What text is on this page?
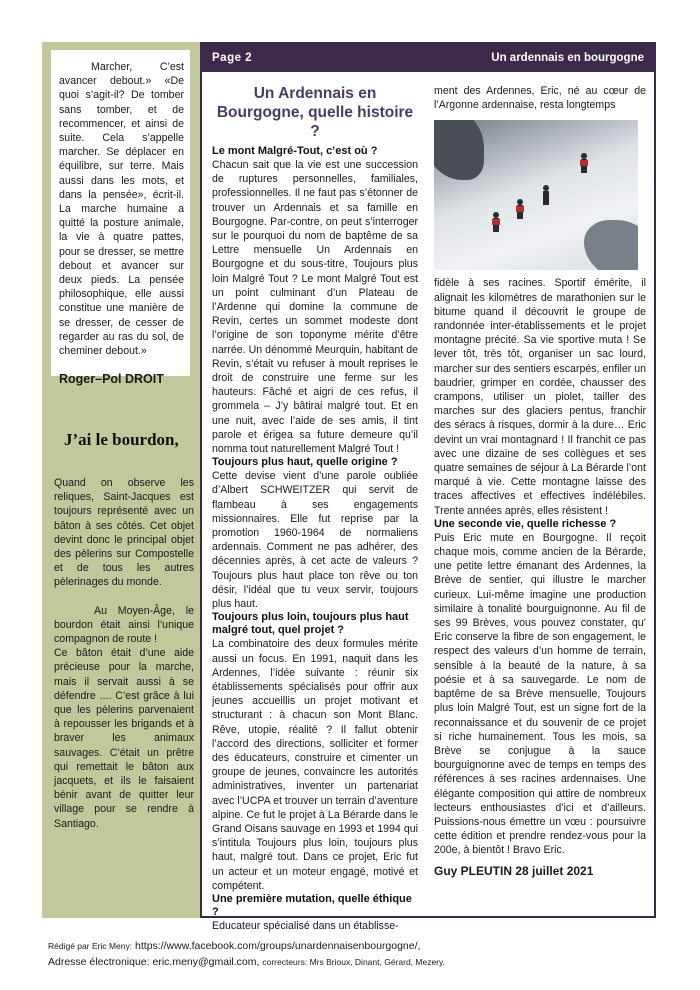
Marcher, C’est avancer debout.» «De quoi s’agit-il? De tomber sans tomber, et de recommencer, et ainsi de suite. Cela s’appelle marcher. Se déplacer en équilibre, sur terre. Mais aussi dans les mots, et dans la pensée», écrit-il. La marche humaine a quitté la posture animale, la vie à quatre pattes, pour se dresser, se mettre debout et avancer sur deux pieds. La pensée philosophique, elle aussi constitue une manière de se dresser, de cesser de regarder au ras du sol, de cheminer debout.»

Roger–Pol DROIT

J’ai le bourdon,

Quand on observe les reliques, Saint-Jacques est toujours représenté avec un bâton à ses côtés. Cet objet devint donc le principal objet des pèlerins sur Compostelle et de tous les autres pèlerinages du monde.

Au Moyen-Âge, le bourdon était ainsi l’unique compagnon de route !

Ce bâton était d’une aide précieuse pour la marche, mais il servait aussi à se défendre .... C’est grâce à lui que les pèlerins parvenaient à repousser les brigands et à braver les animaux sauvages. C’était un prêtre qui remettait le bâton aux jacquets, et ils le faisaient bénir avant de quitter leur village pour se rendre à Santiago.

Page 2	Un ardennais en bourgogne
Un Ardennais en Bourgogne, quelle histoire ?
Le mont Malgré-Tout, c’est où ?

Chacun sait que la vie est une succession de ruptures personnelles, familiales, professionnelles. Il ne faut pas s’étonner de trouver un Ardennais et sa famille en Bourgogne. Par-contre, on peut s’interroger sur le pourquoi du nom de baptême de sa Lettre mensuelle Un Ardennais en Bourgogne et du sous-titre, Toujours plus loin Malgré Tout ? Le mont Malgré Tout est un point culminant d’un Plateau de l’Ardenne qui domine la commune de Revin, certes un sommet modeste dont l’origine de son toponyme mérite d’être narrée. Un dénommé Meurquin, habitant de Revin, s’était vu refuser à moult reprises le droit de construire une ferme sur les hauteurs. Fâché et aigri de ces refus, il grommela – J’y bâtirai malgré tout. Et en une nuit, avec l’aide de ses amis, il tint parole et érigea sa future demeure qu’il nomma tout naturellement Malgré Tout !

Toujours plus haut, quelle origine ?

Cette devise vient d’une parole oubliée d’Albert SCHWEITZER qui servit de flambeau à ses engagements missionnaires. Elle fut reprise par la promotion 1960-1964 de normaliens ardennais. Comment ne pas adhérer, des décennies après, à cet acte de valeurs ? Toujours plus haut place ton rêve ou ton désir, l’idéal que tu veux servir, toujours plus haut.

Toujours plus loin, toujours plus haut malgré tout, quel projet ?

La combinatoire des deux formules mérite aussi un focus. En 1991, naquit dans les Ardennes, l’idée suivante : réunir six établissements spécialisés pour offrir aux jeunes accueillis un projet motivant et structurant : à chacun son Mont Blanc. Rêve, utopie, réalité ? Il fallut obtenir l’accord des directions, solliciter et former des éducateurs, construire et cimenter un groupe de jeunes, convaincre les autorités administratives, inventer un partenariat avec l’UCPA et trouver un terrain d’aventure alpine. Ce fut le projet à La Bérarde dans le Grand Oisans sauvage en 1993 et 1994 qui s’intitula Toujours plus loin, toujours plus haut, malgré tout. Dans ce projet, Eric fut un acteur et un moteur engagé, motivé et compétent.

Une première mutation, quelle éthique ?

Educateur spécialisé dans un établisse-

ment des Ardennes, Eric, né au cœur de l’Argonne ardennaise, resta longtemps

fidèle à ses racines. Sportif émérite, il alignait les kilomètres de marathonien sur le bitume quand il découvrit le groupe de randonnée inter-établissements et le projet montagne précité. Sa vie sportive muta ! Se lever tôt, très tôt, organiser un sac lourd, marcher sur des sentiers escarpés, enfiler un baudrier, grimper en cordée, chausser des crampons, utiliser un piolet, tailler des marches sur des glaciers pentus, franchir des séracs à risques, dormir à la dure… Eric devint un vrai montagnard ! Il franchit ce pas avec une dizaine de ses collègues et ses quatre semaines de séjour à La Bérarde l’ont marqué à vie. Cette montagne laisse des traces affectives et effectives indélébiles. Trente années après, elles résistent !

Une seconde vie, quelle richesse ?

Puis Eric mute en Bourgogne. Il reçoit chaque mois, comme ancien de la Bérarde, une petite lettre émanant des Ardennes, la Brève de sentier, qui illustre le marcher curieux. Lui-même imagine une production similaire à tonalité bourguignonne. Au fil de ses 99 Brèves, vous pouvez constater, qu’ Eric conserve la fibre de son engagement, le respect des valeurs d’un homme de terrain, sensible à la beauté de la nature, à sa poésie et à sa sauvegarde. Le nom de baptême de sa Brève mensuelle, Toujours plus loin Malgré Tout, est un signe fort de la reconnaissance et du souvenir de ce projet si riche humainement. Tous les mois, sa Brève se conjugue à la sauce bourguignonne avec de temps en temps des références à ses racines ardennaises. Une élégante composition qui attire de nombreux lecteurs enthousiastes d’ici et d’ailleurs. Puissions-nous émettre un vœu : poursuivre cette édition et prendre rendez-vous pour la 200e, à bientôt ! Bravo Eric.

Guy PLEUTIN 28 juillet 2021
Rédigé par Eric Meny: https://www.facebook.com/groups/unardennaisenbourgogne/,
Adresse électronique: eric.meny@gmail.com, correcteurs: Mrs Brioux, Dinant, Gérard, Mezery.
